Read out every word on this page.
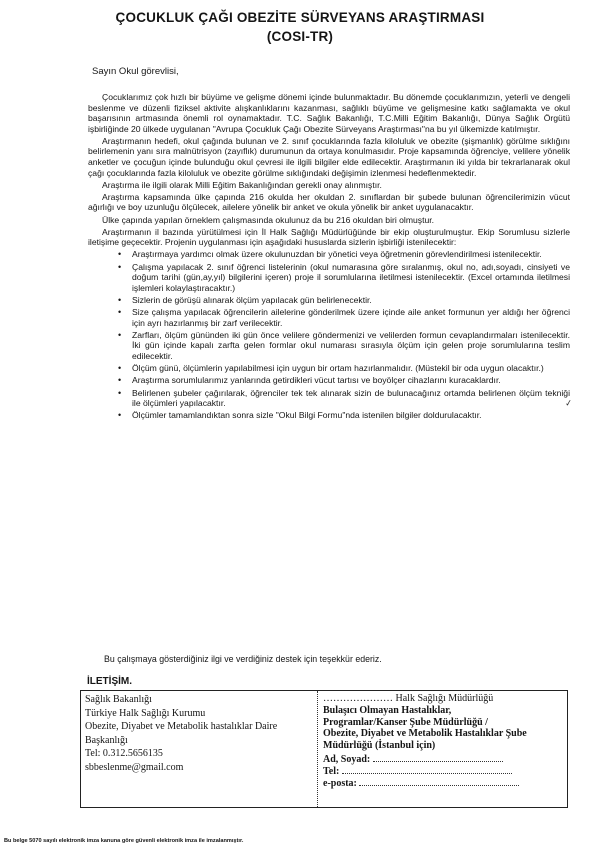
ÇOCUKLUK ÇAĞI OBEZİTE SÜRVEYANS ARAŞTIRMASI
(COSI-TR)
Sayın Okul görevlisi,

Çocuklarımız çok hızlı bir büyüme ve gelişme dönemi içinde bulunmaktadır. Bu dönemde çocuklarımızın, yeterli ve dengeli beslenme ve düzenli fiziksel aktivite alışkanlıklarını kazanması, sağlıklı büyüme ve gelişmesine katkı sağlamakta ve okul başarısının artmasında önemli rol oynamaktadır. T.C. Sağlık Bakanlığı, T.C.Milli Eğitim Bakanlığı, Dünya Sağlık Örgütü işbirliğinde 20 ülkede uygulanan "Avrupa Çocukluk Çağı Obezite Sürveyans Araştırması"na bu yıl ülkemizde katılmıştır.

Araştırmanın hedefi, okul çağında bulunan ve 2. sınıf çocuklarında fazla kiloluluk ve obezite (şişmanlık) görülme sıklığını belirlemenin yanı sıra malnütrisyon (zayıflık) durumunun da ortaya konulmasıdır. Proje kapsamında öğrenciye, velilere yönelik anketler ve çocuğun içinde bulunduğu okul çevresi ile ilgili bilgiler elde edilecektir. Araştırmanın iki yılda bir tekrarlanarak okul çağı çocuklarında fazla kiloluluk ve obezite görülme sıklığındaki değişimin izlenmesi hedeflenmektedir.

Araştırma ile ilgili olarak Milli Eğitim Bakanlığından gerekli onay alınmıştır.

Araştırma kapsamında ülke çapında 216 okulda her okuldan 2. sınıflardan bir şubede bulunan öğrencilerimizin vücut ağırlığı ve boy uzunluğu ölçülecek, ailelere yönelik bir anket ve okula yönelik bir anket uygulanacaktır.

Ülke çapında yapılan örneklem çalışmasında okulunuz da bu 216 okuldan biri olmuştur.

Araştırmanın il bazında yürütülmesi için İl Halk Sağlığı Müdürlüğünde bir ekip oluşturulmuştur. Ekip Sorumlusu sizlerle iletişime geçecektir. Projenin uygulanması için aşağıdaki hususlarda sizlerin işbirliği istenilecektir:

• Araştırmaya yardımcı olmak üzere okulunuzdan bir yönetici veya öğretmenin görevlendirilmesi istenilecektir.
• Çalışma yapılacak 2. sınıf öğrenci listelerinin (okul numarasına göre sıralanmış, okul no, adı,soyadı, cinsiyeti ve doğum tarihi (gün,ay,yıl) bilgilerini içeren) proje il sorumlularına iletilmesi istenilecektir. (Excel ortamında iletilmesi işlemleri kolaylaştıracaktır.)
• Sizlerin de görüşü alınarak ölçüm yapılacak gün belirlenecektir.
• Size çalışma yapılacak öğrencilerin ailelerine gönderilmek üzere içinde aile anket formunun yer aldığı her öğrenci için ayrı hazırlanmış bir zarf verilecektir.
• Zarfları, ölçüm gününden iki gün önce velilere göndermenizi ve velilerden formun cevaplandırmaları istenilecektir. İki gün içinde kapalı zarfta gelen formlar okul numarası sırasıyla ölçüm için gelen proje sorumlularına teslim edilecektir.
• Ölçüm günü, ölçümlerin yapılabilmesi için uygun bir ortam hazırlanmalıdır. (Müstekil bir oda uygun olacaktır.)
• Araştırma sorumlularımız yanlarında getirdikleri vücut tartısı ve boyölçer cihazlarını kuracaklardır.
• Belirlenen şubeler çağırılarak, öğrenciler tek tek alınarak sizin de bulunacağınız ortamda belirlenen ölçüm tekniği ile ölçümleri yapılacaktır.
• Ölçümler tamamlandıktan sonra sizle "Okul Bilgi Formu"nda istenilen bilgiler doldurulacaktır.
✓
Bu çalışmaya gösterdiğiniz ilgi ve verdiğiniz destek için teşekkür ederiz.
İLETİŞİM.
Sağlık Bakanlığı
Türkiye Halk Sağlığı Kurumu
Obezite, Diyabet ve Metabolik hastalıklar Daire
Başkanlığı
Tel: 0.312.5656135
sbbeslenme@gmail.com
………………… Halk Sağlığı Müdürlüğü
Bulaşıcı Olmayan Hastalıklar,
Programlar/Kanser Şube Müdürlüğü /
Obezite, Diyabet ve Metabolik Hastalıklar Şube
Müdürlüğü (İstanbul için)
Ad, Soyad:
Tel:
e-posta:
Bu belge 5070 sayılı elektronik imza kanuna göre güvenli elektronik imza ile imzalanmıştır.
